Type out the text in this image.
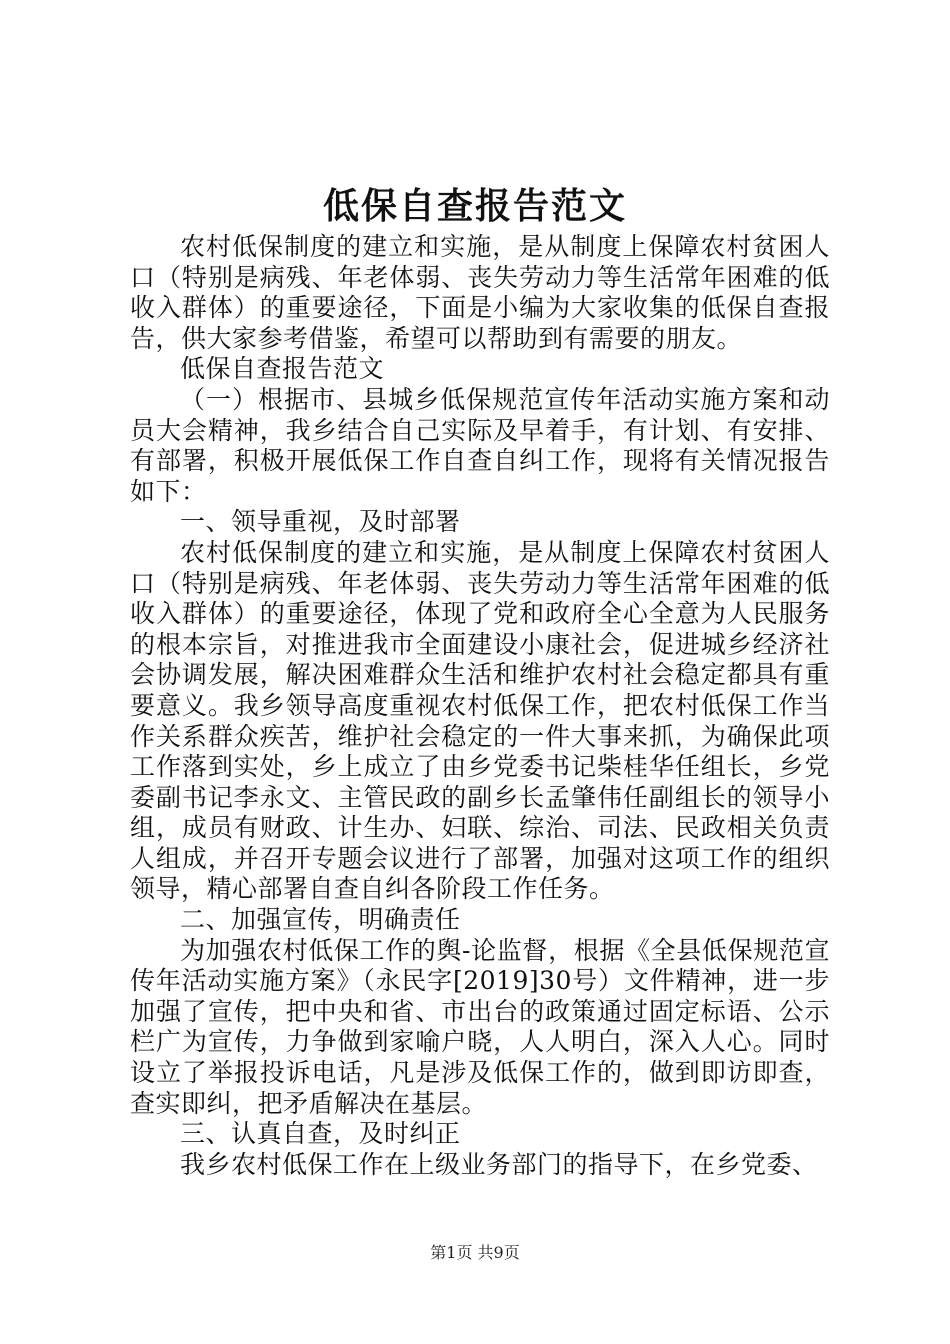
低保自查报告范文

农村低保制度的建立和实施，是从制度上保障农村贫困人口（特别是病残、年老体弱、丧失劳动力等生活常年困难的低收入群体）的重要途径，下面是小编为大家收集的低保自查报告，供大家参考借鉴，希望可以帮助到有需要的朋友。

低保自查报告范文

（一）根据市、县城乡低保规范宣传年活动实施方案和动员大会精神，我乡结合自己实际及早着手，有计划、有安排、有部署，积极开展低保工作自查自纠工作，现将有关情况报告如下：

一、领导重视，及时部署

农村低保制度的建立和实施，是从制度上保障农村贫困人口（特别是病残、年老体弱、丧失劳动力等生活常年困难的低收入群体）的重要途径，体现了党和政府全心全意为人民服务的根本宗旨，对推进我市全面建设小康社会，促进城乡经济社会协调发展，解决困难群众生活和维护农村社会稳定都具有重要意义。我乡领导高度重视农村低保工作，把农村低保工作当作关系群众疾苦，维护社会稳定的一件大事来抓，为确保此项工作落到实处，乡上成立了由乡党委书记柴桂华任组长，乡党委副书记李永文、主管民政的副乡长孟肇伟任副组长的领导小组，成员有财政、计生办、妇联、综治、司法、民政相关负责人组成，并召开专题会议进行了部署，加强对这项工作的组织领导，精心部署自查自纠各阶段工作任务。

二、加强宣传，明确责任

为加强农村低保工作的舆-论监督，根据《全县低保规范宣传年活动实施方案》（永民字[2019]30号）文件精神，进一步加强了宣传，把中央和省、市出台的政策通过固定标语、公示栏广为宣传，力争做到家喻户晓，人人明白，深入人心。同时设立了举报投诉电话，凡是涉及低保工作的，做到即访即查，查实即纠，把矛盾解决在基层。

三、认真自查，及时纠正

我乡农村低保工作在上级业务部门的指导下，在乡党委、

第1页 共9页
